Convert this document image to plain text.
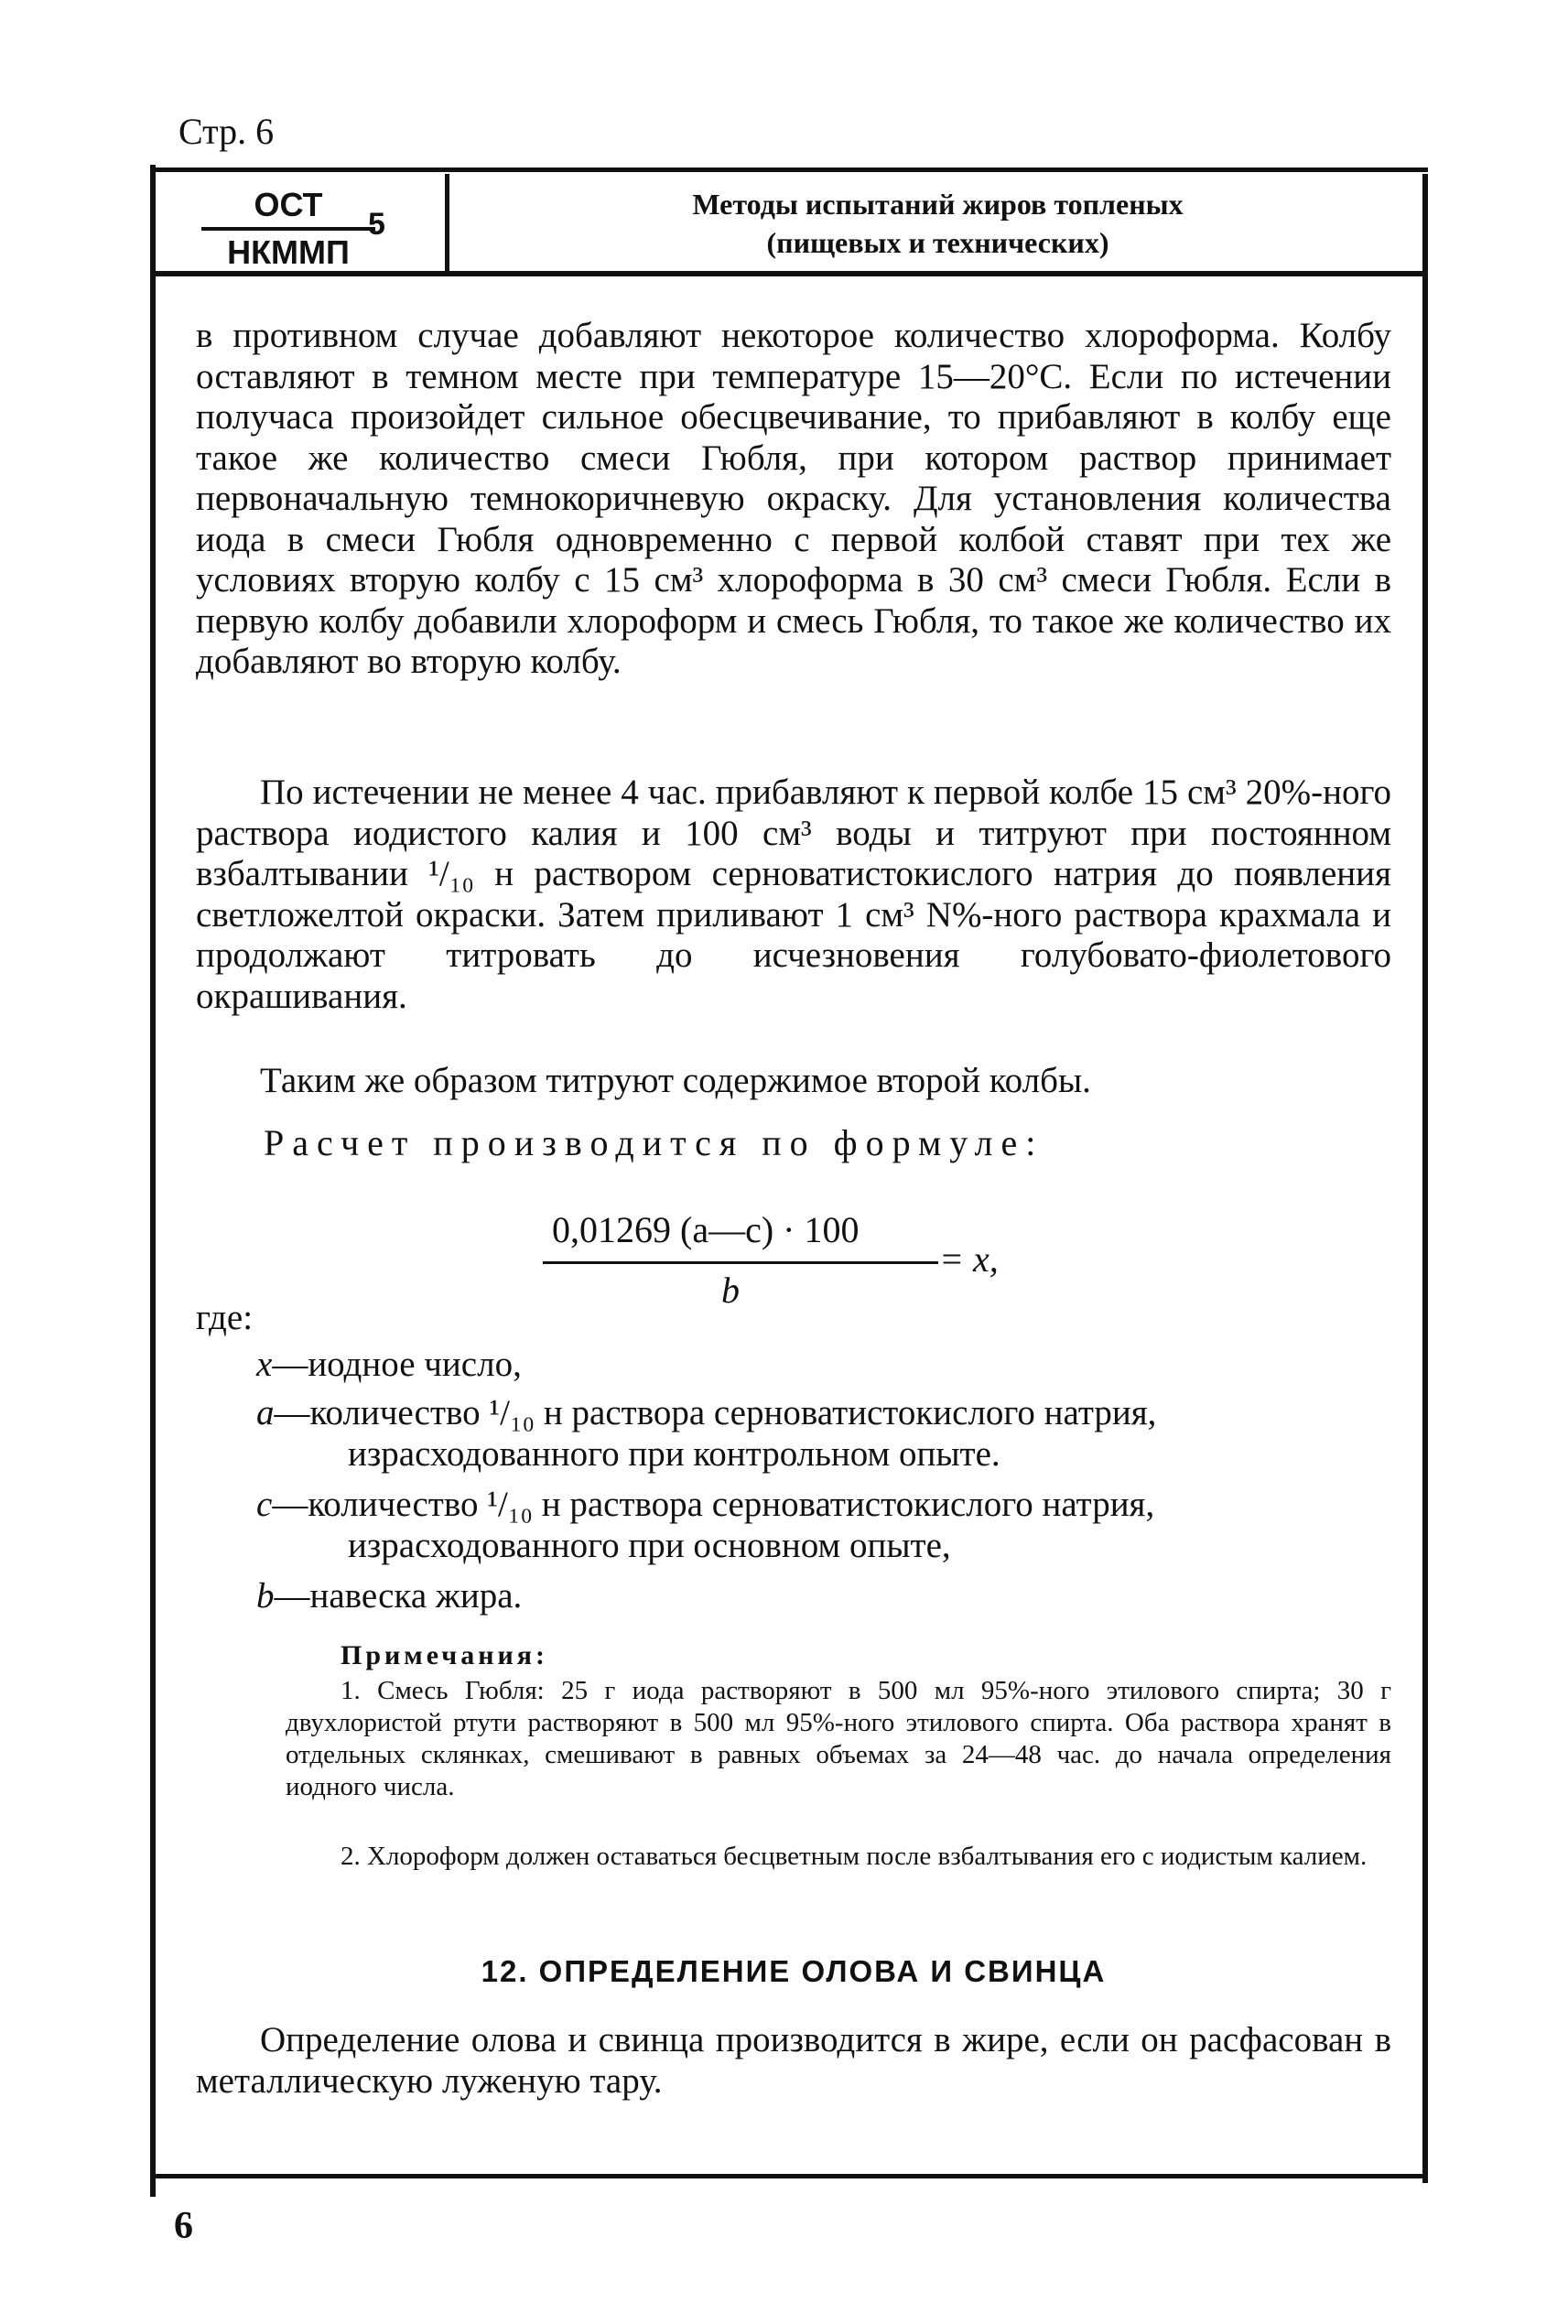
Стр. 6
ОСТ
НКММП
5
Методы испытаний жиров топленых
(пищевых и технических)
в противном случае добавляют некоторое количество хлороформа. Колбу оставляют в темном месте при температуре 15—20°С. Если по истечении получаса произойдет сильное обесцвечивание, то прибавляют в колбу еще такое же количество смеси Гюбля, при котором раствор принимает первоначальную темнокоричневую окраску. Для установления количества иода в смеси Гюбля одновременно с первой колбой ставят при тех же условиях вторую колбу с 15 см³ хлороформа в 30 см³ смеси Гюбля. Если в первую колбу добавили хлороформ и смесь Гюбля, то такое же количество их добавляют во вторую колбу.
По истечении не менее 4 час. прибавляют к первой колбе 15 см³ 20%-ного раствора иодистого калия и 100 см³ воды и титруют при постоянном взбалтывании ¹/₁₀ н раствором серноватистокислого натрия до появления светложелтой окраски. Затем приливают 1 см³ N%-ного раствора крахмала и продолжают титровать до исчезновения голубовато-фиолетового окрашивания.
Таким же образом титруют содержимое второй колбы.
Расчет производится по формуле:
0,01269 (a—c) · 100
b
= x,
где:
x—иодное число,
a—количество ¹/₁₀ н раствора серноватистокислого натрия,
израсходованного при контрольном опыте.
c—количество ¹/₁₀ н раствора серноватистокислого натрия,
израсходованного при основном опыте,
b—навеска жира.
Примечания:
1. Смесь Гюбля: 25 г иода растворяют в 500 мл 95%-ного этилового спирта; 30 г двухлористой ртути растворяют в 500 мл 95%-ного этилового спирта. Оба раствора хранят в отдельных склянках, смешивают в равных объемах за 24—48 час. до начала определения иодного числа.
2. Хлороформ должен оставаться бесцветным после взбалтывания его с иодистым калием.
12. ОПРЕДЕЛЕНИЕ ОЛОВА И СВИНЦА
Определение олова и свинца производится в жире, если он расфасован в металлическую луженую тару.
6
